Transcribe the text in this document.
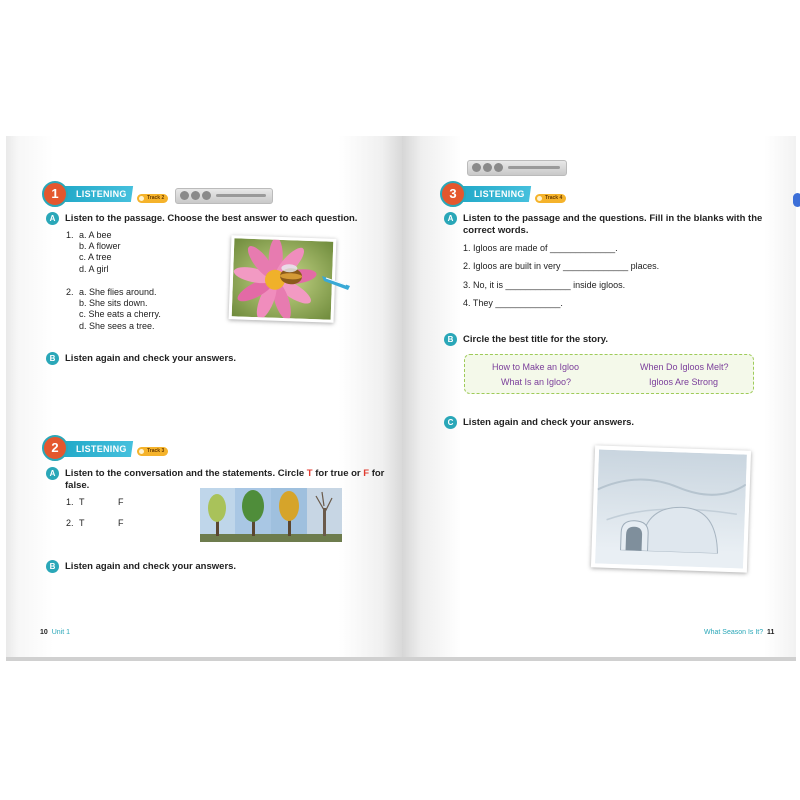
LISTENING
1	Track 2
A	Listen to the passage. Choose the best answer to each question.
1. a. A bee
b. A flower
c. A tree
d. A girl
2. a. She flies around.
b. She sits down.
c. She eats a cherry.
d. She sees a tree.
B	Listen again and check your answers.
LISTENING
2	Track 3
A	Listen to the conversation and the statements. Circle T for true or F for
false.
1. T	F
2. T	F
B	Listen again and check your answers.
10 Unit 1
LISTENING
3	Track 4
A	Listen to the passage and the questions. Fill in the blanks with the
correct words.
1. Igloos are made of _____________.
2. Igloos are built in very _____________ places.
3. No, it is _____________ inside igloos.
4. They _____________.
B	Circle the best title for the story.
How to Make an Igloo	When Do Igloos Melt?
What Is an Igloo?	Igloos Are Strong
C	Listen again and check your answers.
What Season Is It? 11
